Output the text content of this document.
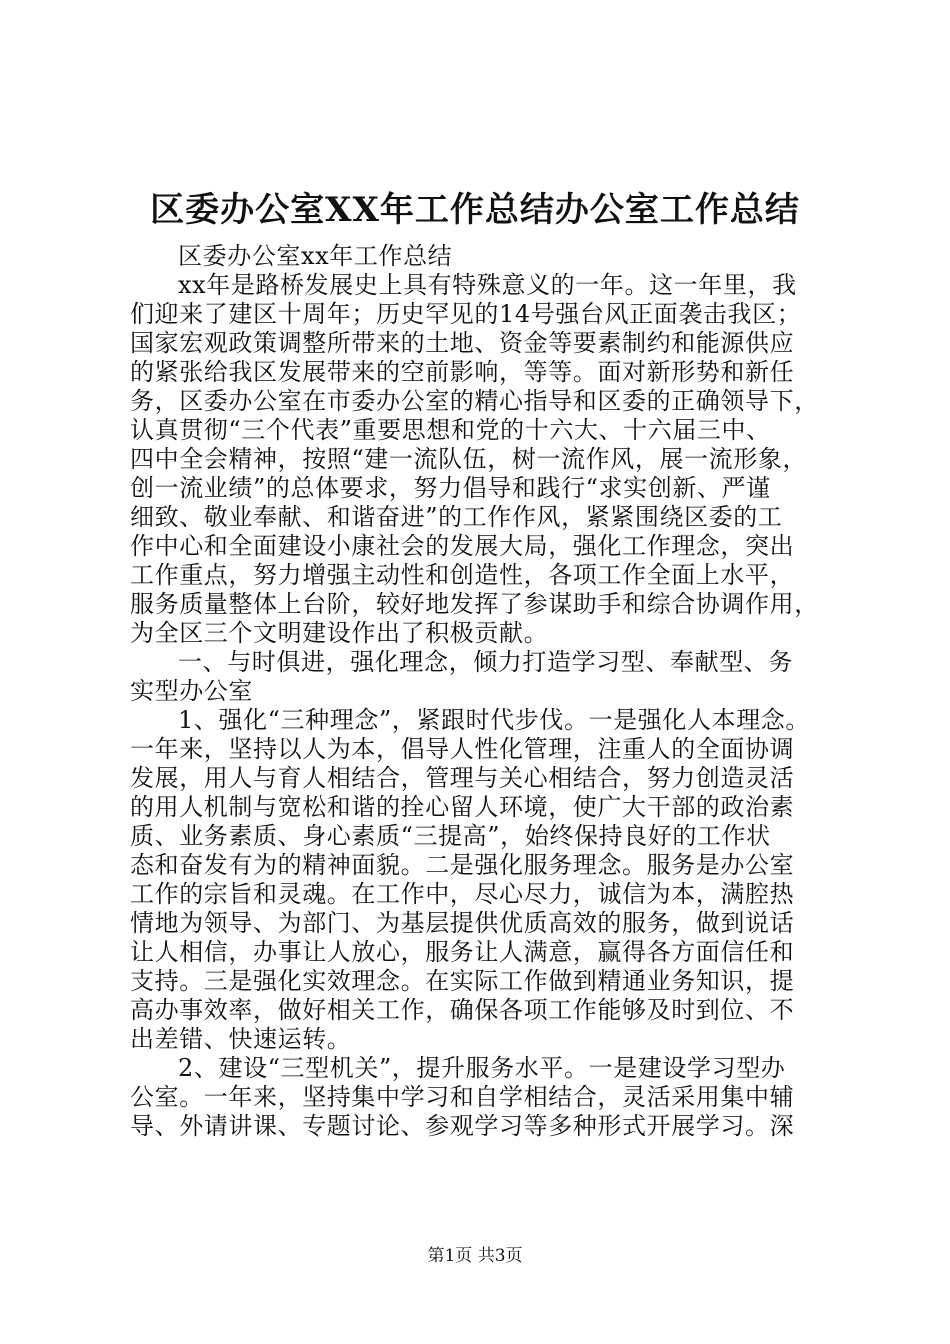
区委办公室XX年工作总结办公室工作总结
区委办公室xx年工作总结
xx年是路桥发展史上具有特殊意义的一年。这一年里，我
们迎来了建区十周年；历史罕见的14号强台风正面袭击我区；
国家宏观政策调整所带来的土地、资金等要素制约和能源供应
的紧张给我区发展带来的空前影响，等等。面对新形势和新任
务，区委办公室在市委办公室的精心指导和区委的正确领导下，
认真贯彻“三个代表”重要思想和党的十六大、十六届三中、
四中全会精神，按照“建一流队伍，树一流作风，展一流形象，
创一流业绩”的总体要求，努力倡导和践行“求实创新、严谨
细致、敬业奉献、和谐奋进”的工作作风，紧紧围绕区委的工
作中心和全面建设小康社会的发展大局，强化工作理念，突出
工作重点，努力增强主动性和创造性，各项工作全面上水平，
服务质量整体上台阶，较好地发挥了参谋助手和综合协调作用，
为全区三个文明建设作出了积极贡献。
一、与时俱进，强化理念，倾力打造学习型、奉献型、务
实型办公室
1、强化“三种理念”，紧跟时代步伐。一是强化人本理念。
一年来，坚持以人为本，倡导人性化管理，注重人的全面协调
发展，用人与育人相结合，管理与关心相结合，努力创造灵活
的用人机制与宽松和谐的拴心留人环境，使广大干部的政治素
质、业务素质、身心素质“三提高”，始终保持良好的工作状
态和奋发有为的精神面貌。二是强化服务理念。服务是办公室
工作的宗旨和灵魂。在工作中，尽心尽力，诚信为本，满腔热
情地为领导、为部门、为基层提供优质高效的服务，做到说话
让人相信，办事让人放心，服务让人满意，赢得各方面信任和
支持。三是强化实效理念。在实际工作做到精通业务知识，提
高办事效率，做好相关工作，确保各项工作能够及时到位、不
出差错、快速运转。
2、建设“三型机关”，提升服务水平。一是建设学习型办
公室。一年来，坚持集中学习和自学相结合，灵活采用集中辅
导、外请讲课、专题讨论、参观学习等多种形式开展学习。深
第1页 共3页
